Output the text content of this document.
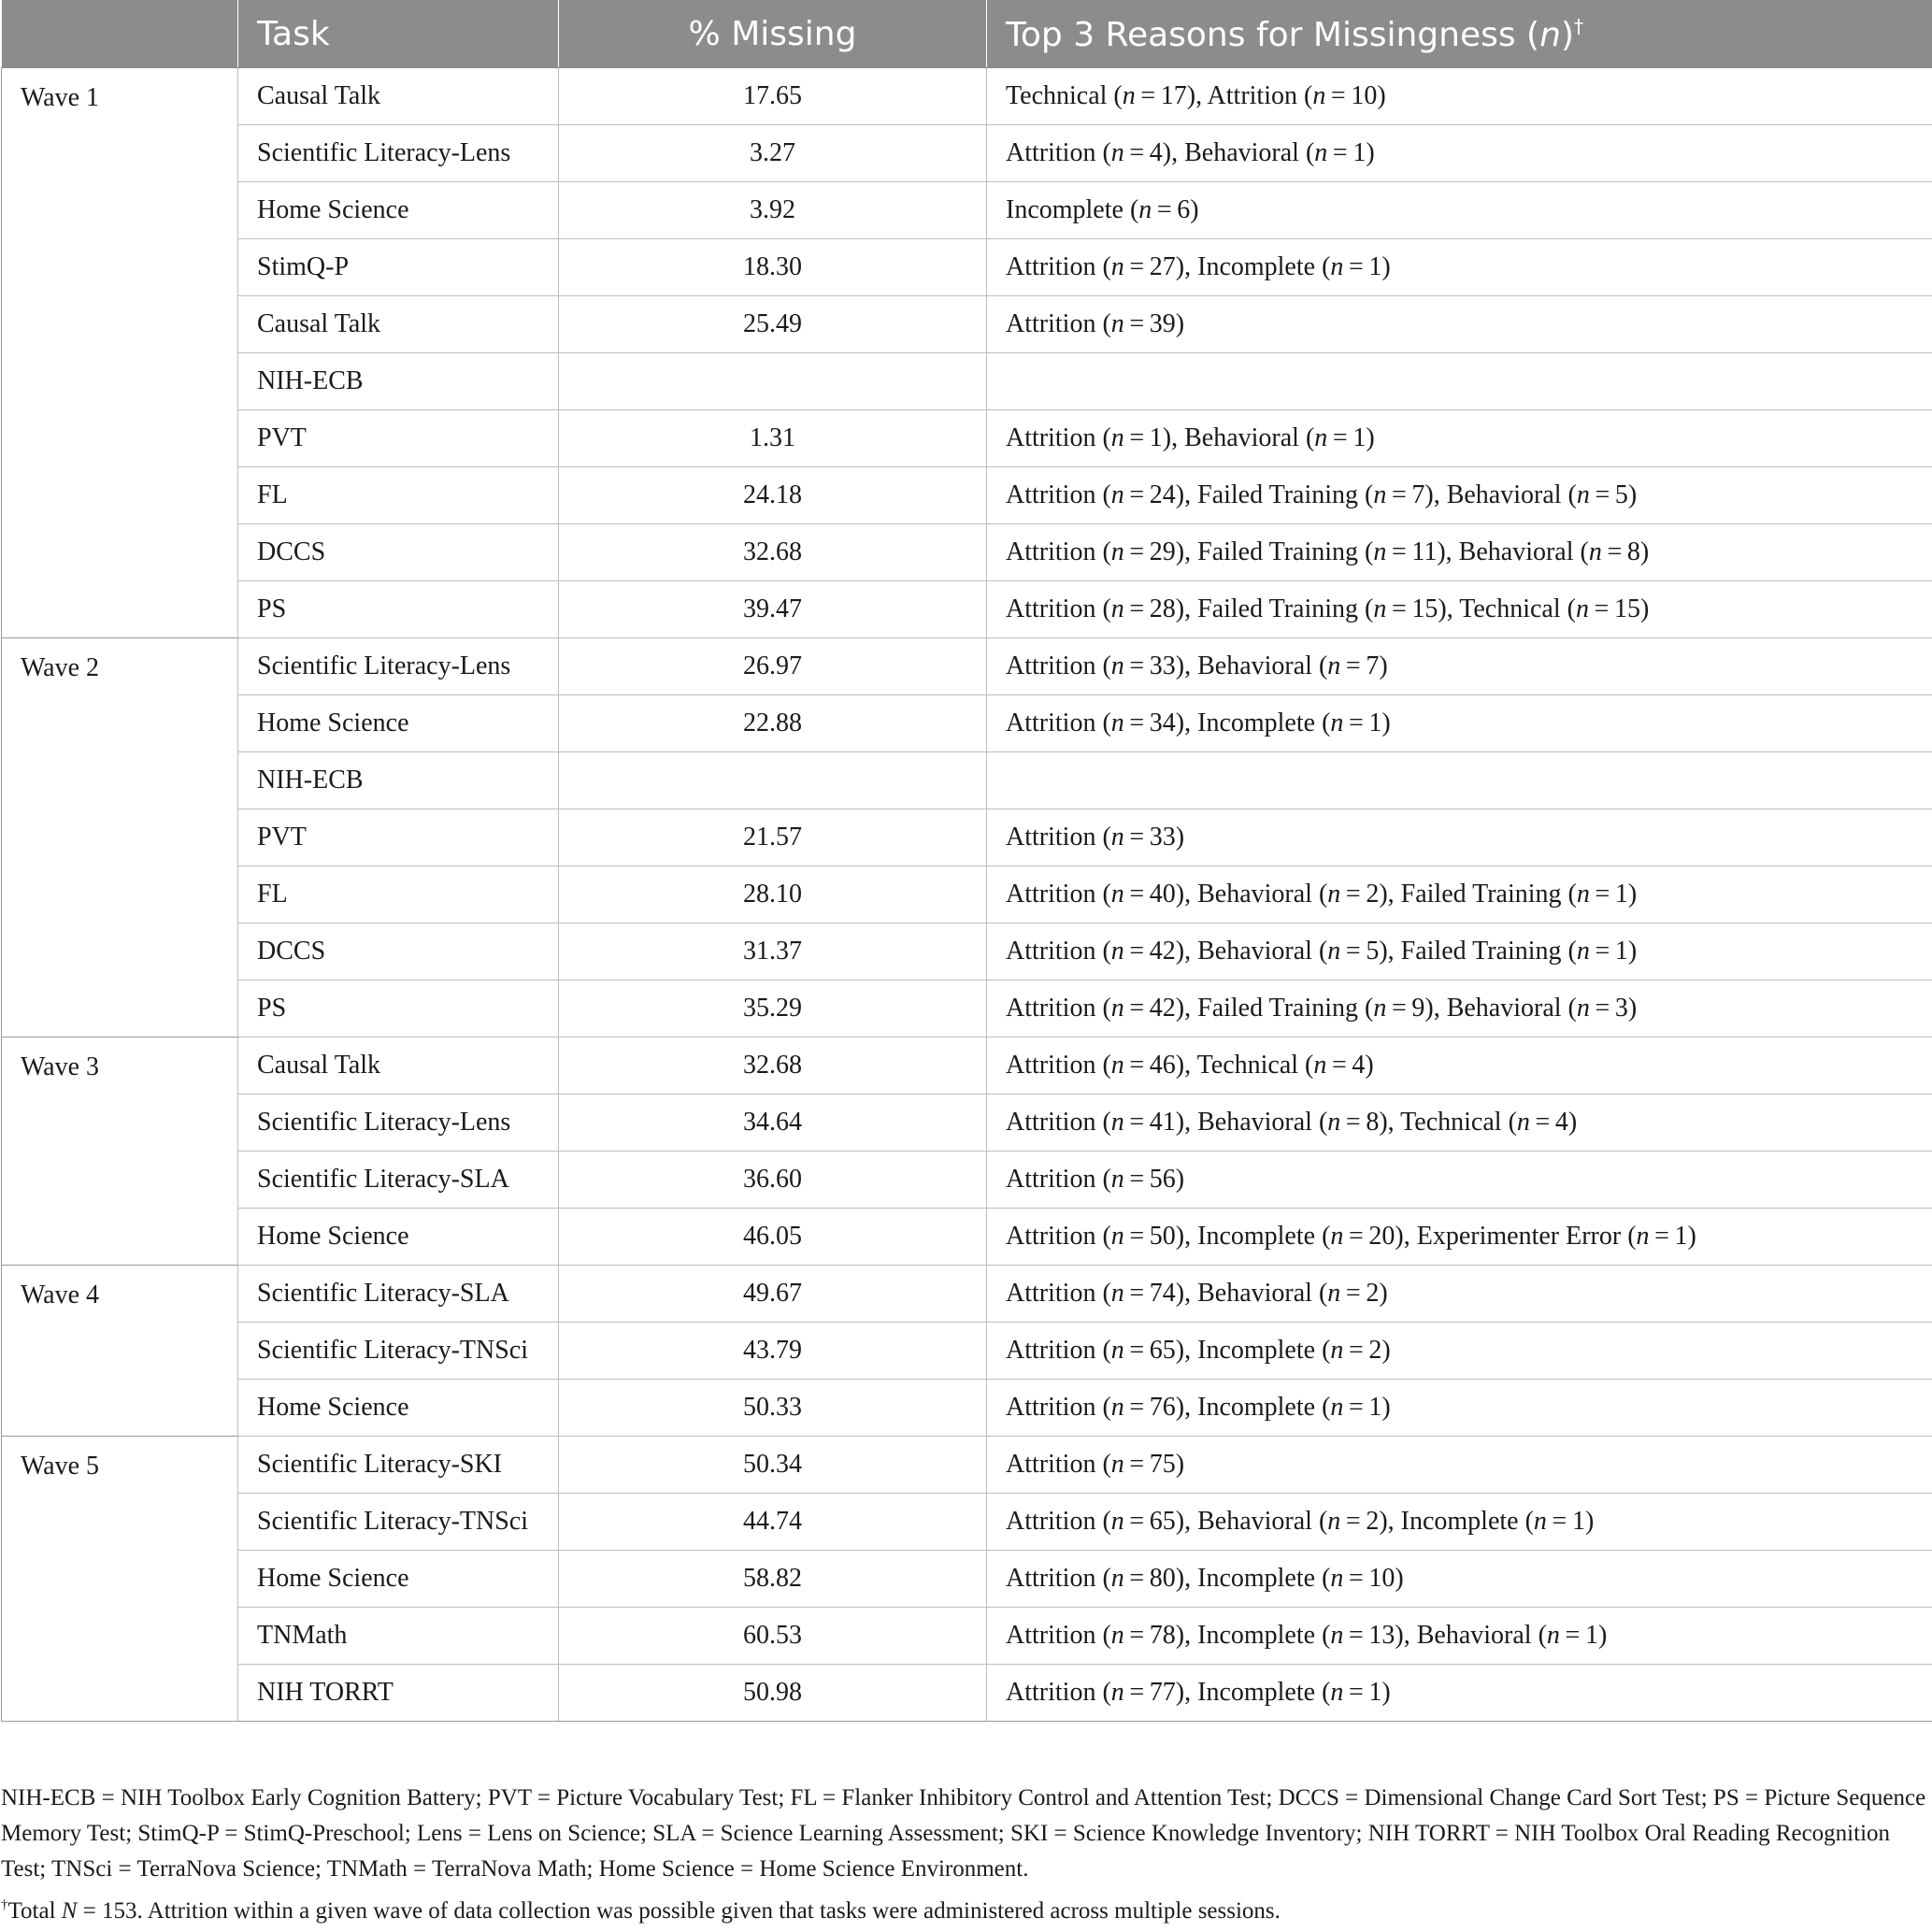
	Task	% Missing	Top 3 Reasons for Missingness (n)†
Wave 1	Causal Talk	17.65	Technical (n = 17), Attrition (n = 10)
	Scientific Literacy-Lens	3.27	Attrition (n = 4), Behavioral (n = 1)
	Home Science	3.92	Incomplete (n = 6)
	StimQ-P	18.30	Attrition (n = 27), Incomplete (n = 1)
	Causal Talk	25.49	Attrition (n = 39)
	NIH-ECB		
	PVT	1.31	Attrition (n = 1), Behavioral (n = 1)
	FL	24.18	Attrition (n = 24), Failed Training (n = 7), Behavioral (n = 5)
	DCCS	32.68	Attrition (n = 29), Failed Training (n = 11), Behavioral (n = 8)
	PS	39.47	Attrition (n = 28), Failed Training (n = 15), Technical (n = 15)
Wave 2	Scientific Literacy-Lens	26.97	Attrition (n = 33), Behavioral (n = 7)
	Home Science	22.88	Attrition (n = 34), Incomplete (n = 1)
	NIH-ECB		
	PVT	21.57	Attrition (n = 33)
	FL	28.10	Attrition (n = 40), Behavioral (n = 2), Failed Training (n = 1)
	DCCS	31.37	Attrition (n = 42), Behavioral (n = 5), Failed Training (n = 1)
	PS	35.29	Attrition (n = 42), Failed Training (n = 9), Behavioral (n = 3)
Wave 3	Causal Talk	32.68	Attrition (n = 46), Technical (n = 4)
	Scientific Literacy-Lens	34.64	Attrition (n = 41), Behavioral (n = 8), Technical (n = 4)
	Scientific Literacy-SLA	36.60	Attrition (n = 56)
	Home Science	46.05	Attrition (n = 50), Incomplete (n = 20), Experimenter Error (n = 1)
Wave 4	Scientific Literacy-SLA	49.67	Attrition (n = 74), Behavioral (n = 2)
	Scientific Literacy-TNSci	43.79	Attrition (n = 65), Incomplete (n = 2)
	Home Science	50.33	Attrition (n = 76), Incomplete (n = 1)
Wave 5	Scientific Literacy-SKI	50.34	Attrition (n = 75)
	Scientific Literacy-TNSci	44.74	Attrition (n = 65), Behavioral (n = 2), Incomplete (n = 1)
	Home Science	58.82	Attrition (n = 80), Incomplete (n = 10)
	TNMath	60.53	Attrition (n = 78), Incomplete (n = 13), Behavioral (n = 1)
	NIH TORRT	50.98	Attrition (n = 77), Incomplete (n = 1)

NIH-ECB = NIH Toolbox Early Cognition Battery; PVT = Picture Vocabulary Test; FL = Flanker Inhibitory Control and Attention Test; DCCS = Dimensional Change Card Sort Test; PS = Picture Sequence Memory Test; StimQ-P = StimQ-Preschool; Lens = Lens on Science; SLA = Science Learning Assessment; SKI = Science Knowledge Inventory; NIH TORRT = NIH Toolbox Oral Reading Recognition Test; TNSci = TerraNova Science; TNMath = TerraNova Math; Home Science = Home Science Environment.

†Total N = 153. Attrition within a given wave of data collection was possible given that tasks were administered across multiple sessions.
